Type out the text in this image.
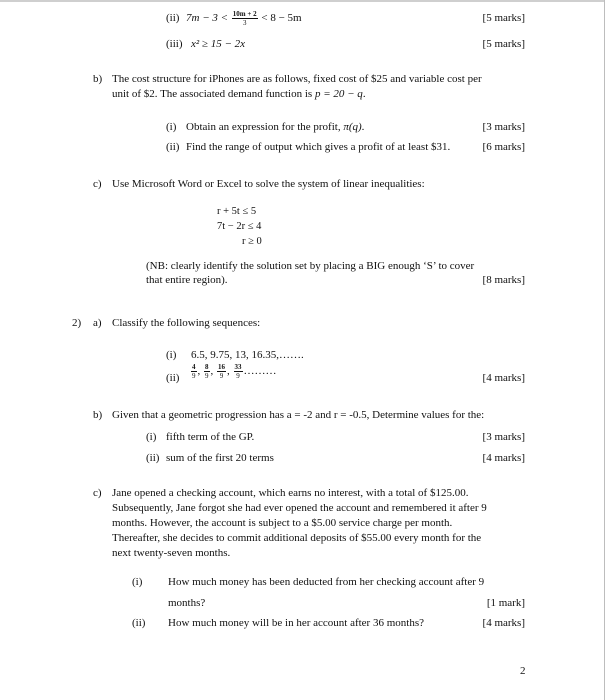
(ii) $7m - 3 < \frac{10m + 2}{3} < 8 - 5m$	[5 marks]
(iii) x² ≥ 15 − 2x	[5 marks]
b) The cost structure for iPhones are as follows, fixed cost of $25 and variable cost per
unit of $2. The associated demand function is p = 20 − q.
(i) Obtain an expression for the profit, π(q).	[3 marks]
(ii) Find the range of output which gives a profit of at least $31.	[6 marks]
c) Use Microsoft Word or Excel to solve the system of linear inequalities:
r + 5t ≤ 5
7t − 2r ≤ 4
r ≥ 0
(NB: clearly identify the solution set by placing a BIG enough ‘S’ to cover
that entire region).	[8 marks]
2) a) Classify the following sequences:
(i) 6.5, 9.75, 13, 16.35,…….
$(ii) \frac{4}{9}$ , $\frac{8}{9}$ , $\frac{16}{9}$ , $\frac{33}{9}$ ………
[4 marks]
b) Given that a geometric progression has a = -2 and r = -0.5, Determine values for the:
(i) fifth term of the GP.	[3 marks]
(ii) sum of the first 20 terms	[4 marks]
c) Jane opened a checking account, which earns no interest, with a total of $125.00.
Subsequently, Jane forgot she had ever opened the account and remembered it after 9
months. However, the account is subject to a $5.00 service charge per month.
Thereafter, she decides to commit additional deposits of $55.00 every month for the
next twenty-seven months.
(i) How much money has been deducted from her checking account after 9
months?	[1 mark]
(ii) How much money will be in her account after 36 months?	[4 marks]
2
